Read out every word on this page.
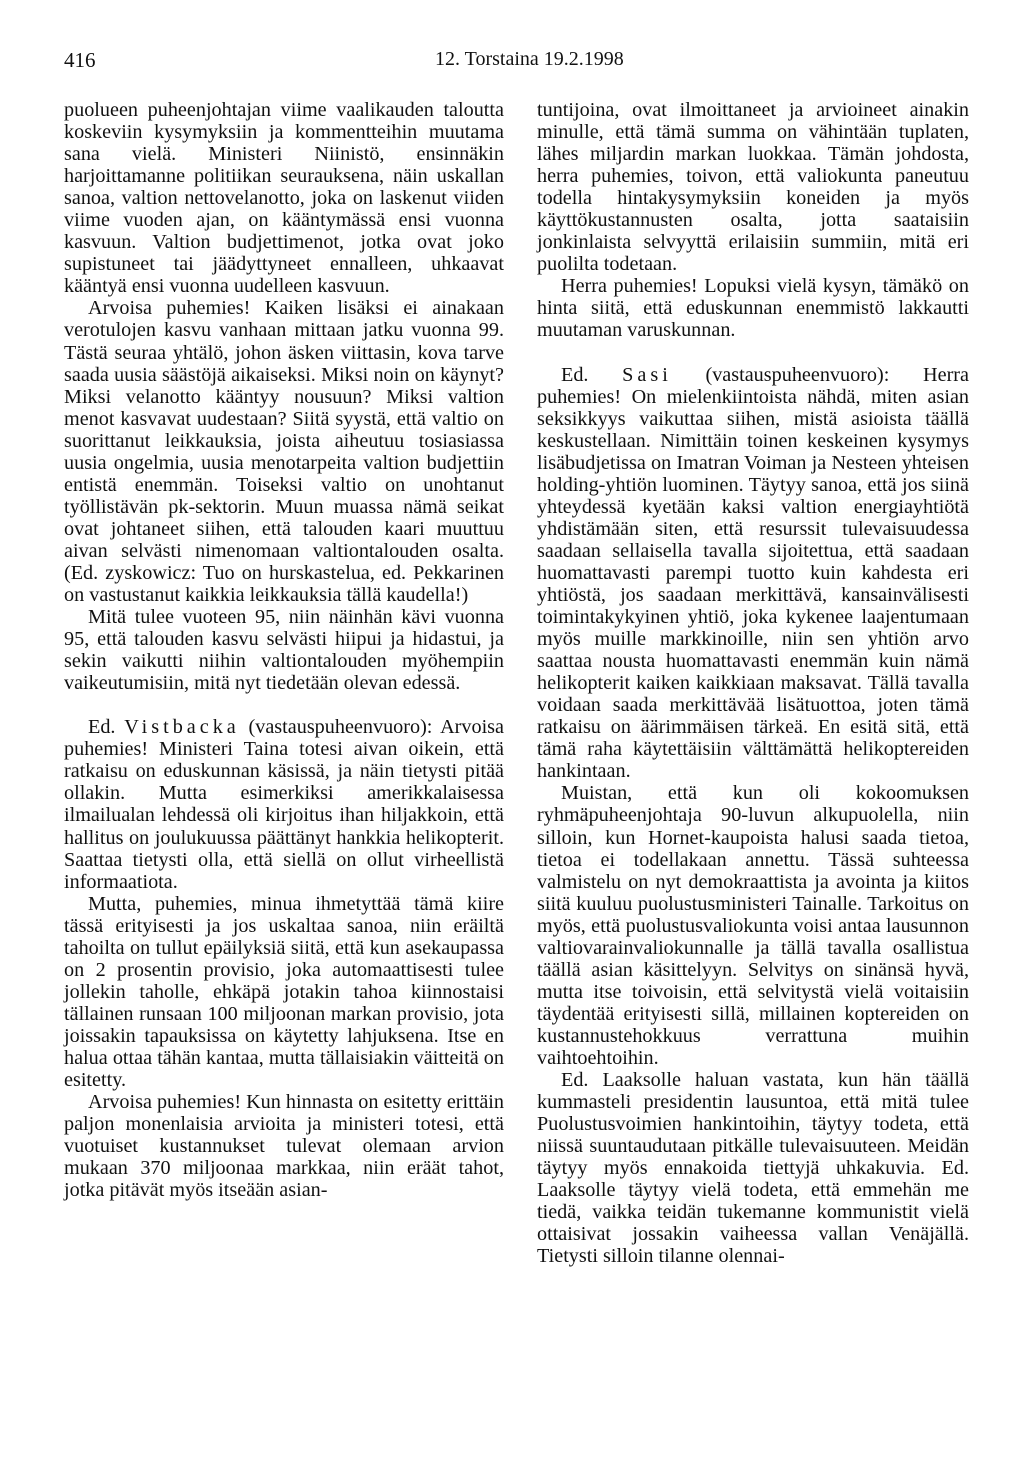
416	12. Torstaina 19.2.1998

puolueen puheenjohtajan viime vaalikauden taloutta koskeviin kysymyksiin ja kommentteihin muutama sana vielä. Ministeri Niinistö, ensinnäkin harjoittamanne politiikan seurauksena, näin uskallan sanoa, valtion nettovelanotto, joka on laskenut viiden viime vuoden ajan, on kääntymässä ensi vuonna kasvuun. Valtion budjettimenot, jotka ovat joko supistuneet tai jäädyttyneet ennalleen, uhkaavat kääntyä ensi vuonna uudelleen kasvuun.

Arvoisa puhemies! Kaiken lisäksi ei ainakaan verotulojen kasvu vanhaan mittaan jatku vuonna 99. Tästä seuraa yhtälö, johon äsken viittasin, kova tarve saada uusia säästöjä aikaiseksi. Miksi noin on käynyt? Miksi velanotto kääntyy nousuun? Miksi valtion menot kasvavat uudestaan? Siitä syystä, että valtio on suorittanut leikkauksia, joista aiheutuu tosiasiassa uusia ongelmia, uusia menotarpeita valtion budjettiin entistä enemmän. Toiseksi valtio on unohtanut työllistävän pk-sektorin. Muun muassa nämä seikat ovat johtaneet siihen, että talouden kaari muuttuu aivan selvästi nimenomaan valtiontalouden osalta. (Ed. zyskowicz: Tuo on hurskastelua, ed. Pekkarinen on vastustanut kaikkia leikkauksia tällä kaudella!)

Mitä tulee vuoteen 95, niin näinhän kävi vuonna 95, että talouden kasvu selvästi hiipui ja hidastui, ja sekin vaikutti niihin valtiontalouden myöhempiin vaikeutumisiin, mitä nyt tiedetään olevan edessä.

Ed. Vistbacka (vastauspuheenvuoro): Arvoisa puhemies! Ministeri Taina totesi aivan oikein, että ratkaisu on eduskunnan käsissä, ja näin tietysti pitää ollakin. Mutta esimerkiksi amerikkalaisessa ilmailualan lehdessä oli kirjoitus ihan hiljakkoin, että hallitus on joulukuussa päättänyt hankkia helikopterit. Saattaa tietysti olla, että siellä on ollut virheellistä informaatiota.

Mutta, puhemies, minua ihmetyttää tämä kiire tässä erityisesti ja jos uskaltaa sanoa, niin eräiltä tahoilta on tullut epäilyksiä siitä, että kun asekaupassa on 2 prosentin provisio, joka automaattisesti tulee jollekin taholle, ehkäpä jotakin tahoa kiinnostaisi tällainen runsaan 100 miljoonan markan provisio, jota joissakin tapauksissa on käytetty lahjuksena. Itse en halua ottaa tähän kantaa, mutta tällaisiakin väitteitä on esitetty.

Arvoisa puhemies! Kun hinnasta on esitetty erittäin paljon monenlaisia arvioita ja ministeri totesi, että vuotuiset kustannukset tulevat olemaan arvion mukaan 370 miljoonaa markkaa, niin eräät tahot, jotka pitävät myös itseään asian-

tuntijoina, ovat ilmoittaneet ja arvioineet ainakin minulle, että tämä summa on vähintään tuplaten, lähes miljardin markan luokkaa. Tämän johdosta, herra puhemies, toivon, että valiokunta paneutuu todella hintakysymyksiin koneiden ja myös käyttökustannusten osalta, jotta saataisiin jonkinlaista selvyyttä erilaisiin summiin, mitä eri puolilta todetaan.

Herra puhemies! Lopuksi vielä kysyn, tämäkö on hinta siitä, että eduskunnan enemmistö lakkautti muutaman varuskunnan.

Ed. Sasi (vastauspuheenvuoro): Herra puhemies! On mielenkiintoista nähdä, miten asian seksikkyys vaikuttaa siihen, mistä asioista täällä keskustellaan. Nimittäin toinen keskeinen kysymys lisäbudjetissa on Imatran Voiman ja Nesteen yhteisen holding-yhtiön luominen. Täytyy sanoa, että jos siinä yhteydessä kyetään kaksi valtion energiayhtiötä yhdistämään siten, että resurssit tulevaisuudessa saadaan sellaisella tavalla sijoitettua, että saadaan huomattavasti parempi tuotto kuin kahdesta eri yhtiöstä, jos saadaan merkittävä, kansainvälisesti toimintakykyinen yhtiö, joka kykenee laajentumaan myös muille markkinoille, niin sen yhtiön arvo saattaa nousta huomattavasti enemmän kuin nämä helikopterit kaiken kaikkiaan maksavat. Tällä tavalla voidaan saada merkittävää lisätuottoa, joten tämä ratkaisu on äärimmäisen tärkeä. En esitä sitä, että tämä raha käytettäisiin välttämättä helikoptereiden hankintaan.

Muistan, että kun oli kokoomuksen ryhmäpuheenjohtaja 90-luvun alkupuolella, niin silloin, kun Hornet-kaupoista halusi saada tietoa, tietoa ei todellakaan annettu. Tässä suhteessa valmistelu on nyt demokraattista ja avointa ja kiitos siitä kuuluu puolustusministeri Tainalle. Tarkoitus on myös, että puolustusvaliokunta voisi antaa lausunnon valtiovarainvaliokunnalle ja tällä tavalla osallistua täällä asian käsittelyyn. Selvitys on sinänsä hyvä, mutta itse toivoisin, että selvitystä vielä voitaisiin täydentää erityisesti sillä, millainen koptereiden on kustannustehokkuus verrattuna muihin vaihtoehtoihin.

Ed. Laaksolle haluan vastata, kun hän täällä kummasteli presidentin lausuntoa, että mitä tulee Puolustusvoimien hankintoihin, täytyy todeta, että niissä suuntaudutaan pitkälle tulevaisuuteen. Meidän täytyy myös ennakoida tiettyjä uhkakuvia. Ed. Laaksolle täytyy vielä todeta, että emmehän me tiedä, vaikka teidän tukemanne kommunistit vielä ottaisivat jossakin vaiheessa vallan Venäjällä. Tietysti silloin tilanne olennai-
